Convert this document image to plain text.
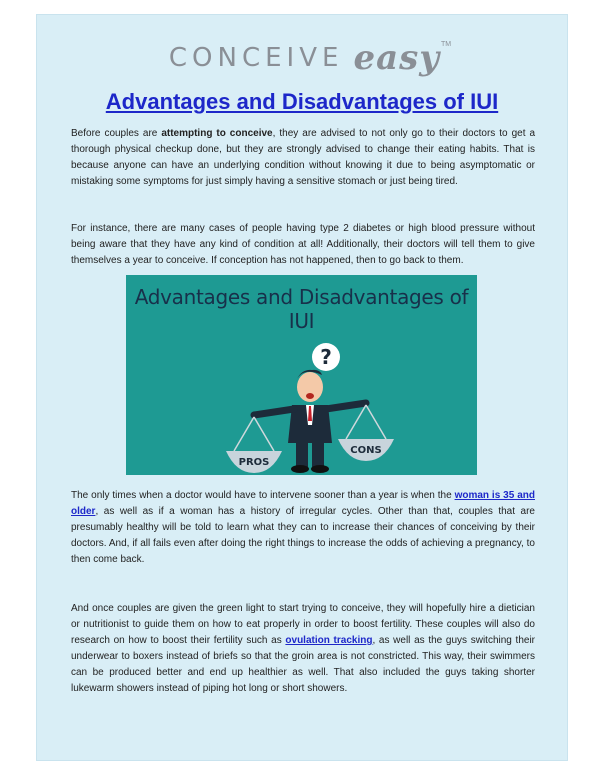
CONCEIVE easy TM
Advantages and Disadvantages of IUI

Before couples are attempting to conceive, they are advised to not only go to their doctors to get a thorough physical checkup done, but they are strongly advised to change their eating habits. That is because anyone can have an underlying condition without knowing it due to being asymptomatic or mistaking some symptoms for just simply having a sensitive stomach or just being tired.

For instance, there are many cases of people having type 2 diabetes or high blood pressure without being aware that they have any kind of condition at all! Additionally, their doctors will tell them to give themselves a year to conceive. If conception has not happened, then to go back to them.

Advantages and Disadvantages of IUI
?
PROS
CONS

The only times when a doctor would have to intervene sooner than a year is when the woman is 35 and older, as well as if a woman has a history of irregular cycles. Other than that, couples that are presumably healthy will be told to learn what they can to increase their chances of conceiving by their doctors. And, if all fails even after doing the right things to increase the odds of achieving a pregnancy, to then come back.

And once couples are given the green light to start trying to conceive, they will hopefully hire a dietician or nutritionist to guide them on how to eat properly in order to boost fertility. These couples will also do research on how to boost their fertility such as ovulation tracking, as well as the guys switching their underwear to boxers instead of briefs so that the groin area is not constricted. This way, their swimmers can be produced better and end up healthier as well. That also included the guys taking shorter lukewarm showers instead of piping hot long or short showers.
